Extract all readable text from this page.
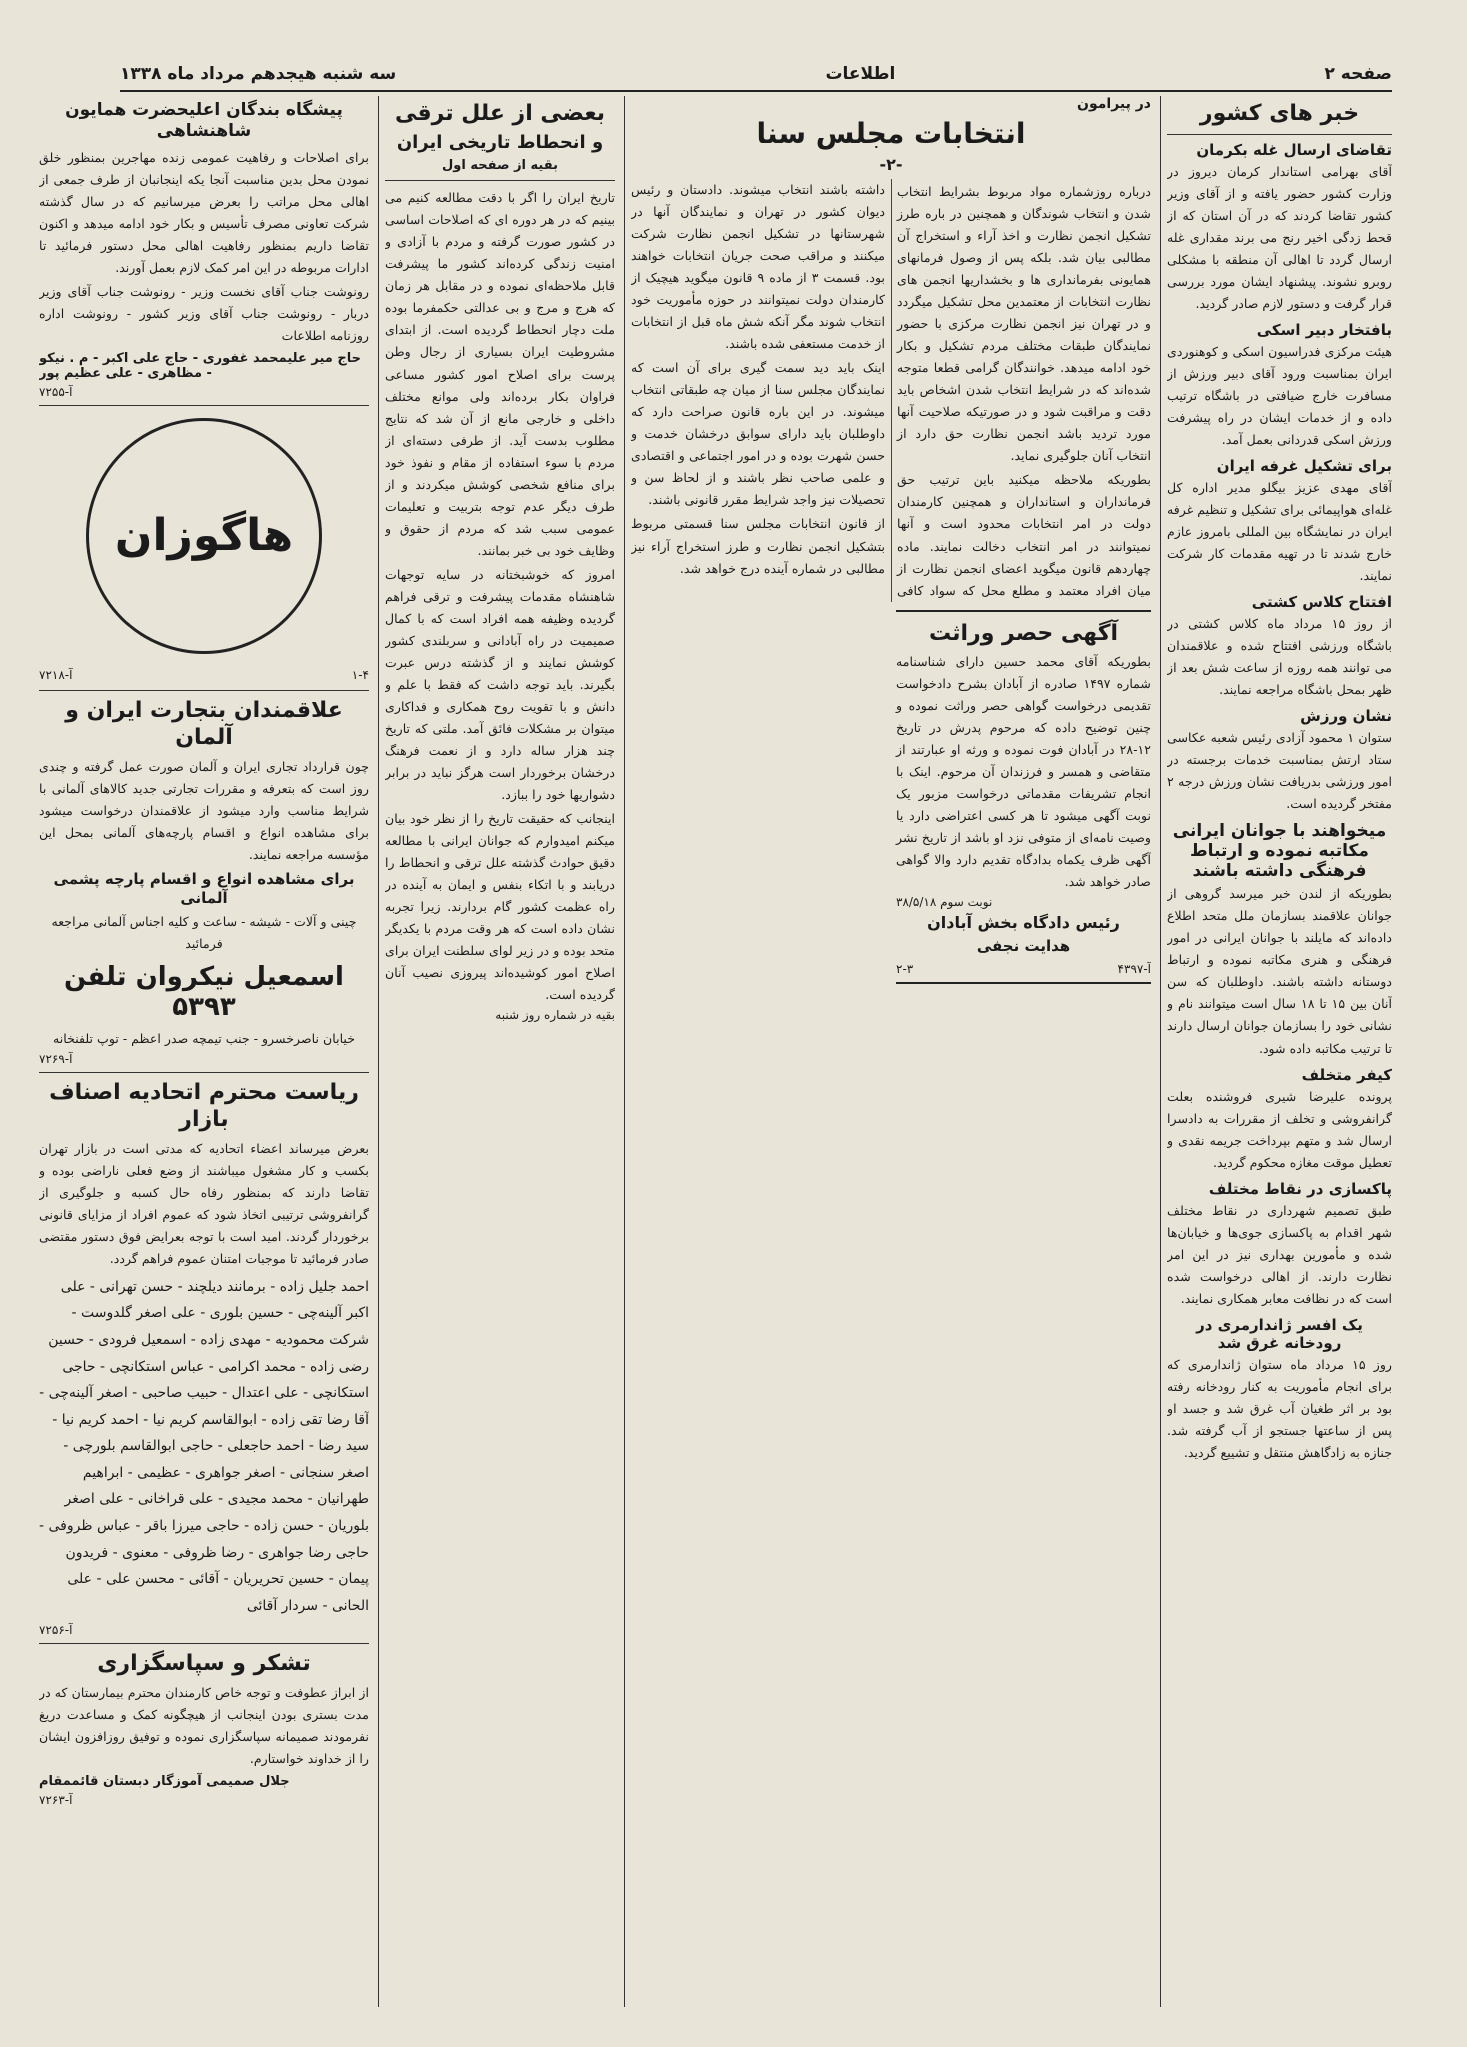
صفحه ۲
اطلاعات
سه شنبه هیجدهم مرداد ماه ۱۳۳۸
خبر های کشور
تقاضای ارسال غله بکرمان
آقای بهرامی استاندار کرمان دیروز در وزارت کشور حضور یافته و از آقای وزیر کشور تقاضا کردند که در آن استان که از قحط زدگی اخیر رنج می برند مقداری غله ارسال گردد تا اهالی آن منطقه با مشکلی روبرو نشوند. پیشنهاد ایشان مورد بررسی قرار گرفت و دستور لازم صادر گردید.
بافتخار دبیر اسکی
هیئت مرکزی فدراسیون اسکی و کوهنوردی ایران بمناسبت ورود آقای دبیر ورزش از مسافرت خارج ضیافتی در باشگاه ترتیب داده و از خدمات ایشان در راه پیشرفت ورزش اسکی قدردانی بعمل آمد.
برای تشکیل غرفه ایران
آقای مهدی عزیز بیگلو مدیر اداره کل غله‌ای هواپیمائی برای تشکیل و تنظیم غرفه ایران در نمایشگاه بین المللی بامروز عازم خارج شدند تا در تهیه مقدمات کار شرکت نمایند.
افتتاح کلاس کشتی
از روز ۱۵ مرداد ماه کلاس کشتی در باشگاه ورزشی افتتاح شده و علاقمندان می توانند همه روزه از ساعت شش بعد از ظهر بمحل باشگاه مراجعه نمایند.
نشان ورزش
ستوان ۱ محمود آزادی رئیس شعبه عکاسی ستاد ارتش بمناسبت خدمات برجسته در امور ورزشی بدریافت نشان ورزش درجه ۲ مفتخر گردیده است.
میخواهند با جوانان ایرانی مکاتبه نموده و ارتباط فرهنگی داشته باشند
بطوریکه از لندن خبر میرسد گروهی از جوانان علاقمند بسازمان ملل متحد اطلاع داده‌اند که مایلند با جوانان ایرانی در امور فرهنگی و هنری مکاتبه نموده و ارتباط دوستانه داشته باشند. داوطلبان که سن آنان بین ۱۵ تا ۱۸ سال است میتوانند نام و نشانی خود را بسازمان جوانان ارسال دارند تا ترتیب مکاتبه داده شود.
کیفر متخلف
پرونده علیرضا شیری فروشنده بعلت گرانفروشی و تخلف از مقررات به دادسرا ارسال شد و متهم بپرداخت جریمه نقدی و تعطیل موقت مغازه محکوم گردید.
پاکسازی در نقاط مختلف
طبق تصمیم شهرداری در نقاط مختلف شهر اقدام به پاکسازی جوی‌ها و خیابان‌ها شده و مأمورین بهداری نیز در این امر نظارت دارند. از اهالی درخواست شده است که در نظافت معابر همکاری نمایند.
یک افسر ژاندارمری در رودخانه غرق شد
روز ۱۵ مرداد ماه ستوان ژاندارمری که برای انجام مأموریت به کنار رودخانه رفته بود بر اثر طغیان آب غرق شد و جسد او پس از ساعتها جستجو از آب گرفته شد. جنازه به زادگاهش منتقل و تشییع گردید.
در پیرامون
انتخابات مجلس سنا
-۲-
درباره روزشماره مواد مربوط بشرایط انتخاب شدن و انتخاب شوندگان و همچنین در باره طرز تشکیل انجمن نظارت و اخذ آراء و استخراج آن مطالبی بیان شد. بلکه پس از وصول فرمانهای همایونی بفرمانداری ها و بخشداریها انجمن های نظارت انتخابات از معتمدین محل تشکیل میگردد و در تهران نیز انجمن نظارت مرکزی با حضور نمایندگان طبقات مختلف مردم تشکیل و بکار خود ادامه میدهد. خوانندگان گرامی قطعا متوجه شده‌اند که در شرایط انتخاب شدن اشخاص باید دقت و مراقبت شود و در صورتیکه صلاحیت آنها مورد تردید باشد انجمن نظارت حق دارد از انتخاب آنان جلوگیری نماید.
بطوریکه ملاحظه میکنید باین ترتیب حق فرمانداران و استانداران و همچنین کارمندان دولت در امر انتخابات محدود است و آنها نمیتوانند در امر انتخاب دخالت نمایند. ماده چهاردهم قانون میگوید اعضای انجمن نظارت از میان افراد معتمد و مطلع محل که سواد کافی داشته باشند انتخاب میشوند. دادستان و رئیس دیوان کشور در تهران و نمایندگان آنها در شهرستانها در تشکیل انجمن نظارت شرکت میکنند و مراقب صحت جریان انتخابات خواهند بود. قسمت ۳ از ماده ۹ قانون میگوید هیچیک از کارمندان دولت نمیتوانند در حوزه مأموریت خود انتخاب شوند مگر آنکه شش ماه قبل از انتخابات از خدمت مستعفی شده باشند.
اینک باید دید سمت گیری برای آن است که نمایندگان مجلس سنا از میان چه طبقاتی انتخاب میشوند. در این باره قانون صراحت دارد که داوطلبان باید دارای سوابق درخشان خدمت و حسن شهرت بوده و در امور اجتماعی و اقتصادی و علمی صاحب نظر باشند و از لحاظ سن و تحصیلات نیز واجد شرایط مقرر قانونی باشند.
از قانون انتخابات مجلس سنا قسمتی مربوط بتشکیل انجمن نظارت و طرز استخراج آراء نیز مطالبی در شماره آینده درج خواهد شد.
آگهی حصر وراثت
بطوریکه آقای محمد حسین دارای شناسنامه شماره ۱۴۹۷ صادره از آبادان بشرح دادخواست تقدیمی درخواست گواهی حصر وراثت نموده و چنین توضیح داده که مرحوم پدرش در تاریخ ۱۲-۲۸ در آبادان فوت نموده و ورثه او عبارتند از متقاضی و همسر و فرزندان آن مرحوم. اینک با انجام تشریفات مقدماتی درخواست مزبور یک نوبت آگهی میشود تا هر کسی اعتراضی دارد یا وصیت نامه‌ای از متوفی نزد او باشد از تاریخ نشر آگهی ظرف یکماه بدادگاه تقدیم دارد والا گواهی صادر خواهد شد.
نوبت سوم ۳۸/۵/۱۸
رئیس دادگاه بخش آبادان
هدایت نجفی
آ-۴۳۹۷
۲-۳
بعضی از علل ترقی
و انحطاط تاریخی ایران
بقیه از صفحه اول
تاریخ ایران را اگر با دقت مطالعه کنیم می بینیم که در هر دوره ای که اصلاحات اساسی در کشور صورت گرفته و مردم با آزادی و امنیت زندگی کرده‌اند کشور ما پیشرفت قابل ملاحظه‌ای نموده و در مقابل هر زمان که هرج و مرج و بی عدالتی حکمفرما بوده ملت دچار انحطاط گردیده است. از ابتدای مشروطیت ایران بسیاری از رجال وطن پرست برای اصلاح امور کشور مساعی فراوان بکار برده‌اند ولی موانع مختلف داخلی و خارجی مانع از آن شد که نتایج مطلوب بدست آید. از طرفی دسته‌ای از مردم با سوء استفاده از مقام و نفوذ خود برای منافع شخصی کوشش میکردند و از طرف دیگر عدم توجه بتربیت و تعلیمات عمومی سبب شد که مردم از حقوق و وظایف خود بی خبر بمانند.
امروز که خوشبختانه در سایه توجهات شاهنشاه مقدمات پیشرفت و ترقی فراهم گردیده وظیفه همه افراد است که با کمال صمیمیت در راه آبادانی و سربلندی کشور کوشش نمایند و از گذشته درس عبرت بگیرند. باید توجه داشت که فقط با علم و دانش و با تقویت روح همکاری و فداکاری میتوان بر مشکلات فائق آمد. ملتی که تاریخ چند هزار ساله دارد و از نعمت فرهنگ درخشان برخوردار است هرگز نباید در برابر دشواریها خود را ببازد.
اینجانب که حقیقت تاریخ را از نظر خود بیان میکنم امیدوارم که جوانان ایرانی با مطالعه دقیق حوادث گذشته علل ترقی و انحطاط را دریابند و با اتکاء بنفس و ایمان به آینده در راه عظمت کشور گام بردارند. زیرا تجربه نشان داده است که هر وقت مردم با یکدیگر متحد بوده و در زیر لوای سلطنت ایران برای اصلاح امور کوشیده‌اند پیروزی نصیب آنان گردیده است.
بقیه در شماره روز شنبه
پیشگاه بندگان اعلیحضرت همایون شاهنشاهی
برای اصلاحات و رفاهیت عمومی زنده مهاجرین بمنظور خلق نمودن محل بدین مناسبت آنجا یکه اینجانبان از طرف جمعی از اهالی محل مراتب را بعرض میرسانیم که در سال گذشته شرکت تعاونی مصرف تأسیس و بکار خود ادامه میدهد و اکنون تقاضا داریم بمنظور رفاهیت اهالی محل دستور فرمائید تا ادارات مربوطه در این امر کمک لازم بعمل آورند.
رونوشت جناب آقای نخست وزیر - رونوشت جناب آقای وزیر دربار - رونوشت جناب آقای وزیر کشور - رونوشت اداره روزنامه اطلاعات
حاج میر علیمحمد غفوری - حاج علی اکبر - م . نیکو - مظاهری - علی عظیم پور
آ-۷۲۵۵
هاگوزان
۱-۴
آ-۷۲۱۸
علاقمندان بتجارت ایران و آلمان
چون قرارداد تجاری ایران و آلمان صورت عمل گرفته و چندی روز است که بتعرفه و مقررات تجارتی جدید کالاهای آلمانی با شرایط مناسب وارد میشود از علاقمندان درخواست میشود برای مشاهده انواع و اقسام پارچه‌های آلمانی بمحل این مؤسسه مراجعه نمایند.
برای مشاهده انواع و اقسام پارچه پشمی آلمانی
چینی و آلات - شیشه - ساعت و کلیه اجناس آلمانی مراجعه فرمائید
اسمعیل نیکروان تلفن ۵۳۹۳
خیابان ناصرخسرو - جنب تیمچه صدر اعظم - توپ تلفنخانه
آ-۷۲۶۹
ریاست محترم اتحادیه اصناف بازار
بعرض میرساند اعضاء اتحادیه که مدتی است در بازار تهران بکسب و کار مشغول میباشند از وضع فعلی ناراضی بوده و تقاضا دارند که بمنظور رفاه حال کسبه و جلوگیری از گرانفروشی ترتیبی اتخاذ شود که عموم افراد از مزایای قانونی برخوردار گردند. امید است با توجه بعرایض فوق دستور مقتضی صادر فرمائید تا موجبات امتنان عموم فراهم گردد.
احمد جلیل زاده - برمانند دیلچند - حسن تهرانی - علی اکبر آلینه‌چی - حسین بلوری - علی اصغر گلدوست - شرکت محمودیه - مهدی زاده - اسمعیل فرودی - حسین رضی زاده - محمد اکرامی - عباس استکانچی - حاجی استکانچی - علی اعتدال - حبیب صاحبی - اصغر آلینه‌چی - آقا رضا تقی زاده - ابوالقاسم کریم نیا - احمد کریم نیا - سید رضا - احمد حاجعلی - حاجی ابوالقاسم بلورچی - اصغر سنجانی - اصغر جواهری - عظیمی - ابراهیم طهرانیان - محمد مجیدی - علی قراخانی - علی اصغر بلوریان - حسن زاده - حاجی میرزا باقر - عباس ظروفی - حاجی رضا جواهری - رضا ظروفی - معنوی - فریدون پیمان - حسین تحریریان - آقائی - محسن علی - علی الحانی - سردار آقائی
آ-۷۲۵۶
تشکر و سپاسگزاری
از ابراز عطوفت و توجه خاص کارمندان محترم بیمارستان که در مدت بستری بودن اینجانب از هیچگونه کمک و مساعدت دریغ نفرمودند صمیمانه سپاسگزاری نموده و توفیق روزافزون ایشان را از خداوند خواستارم.
جلال صمیمی آموزگار دبستان قائممقام
آ-۷۲۶۳
